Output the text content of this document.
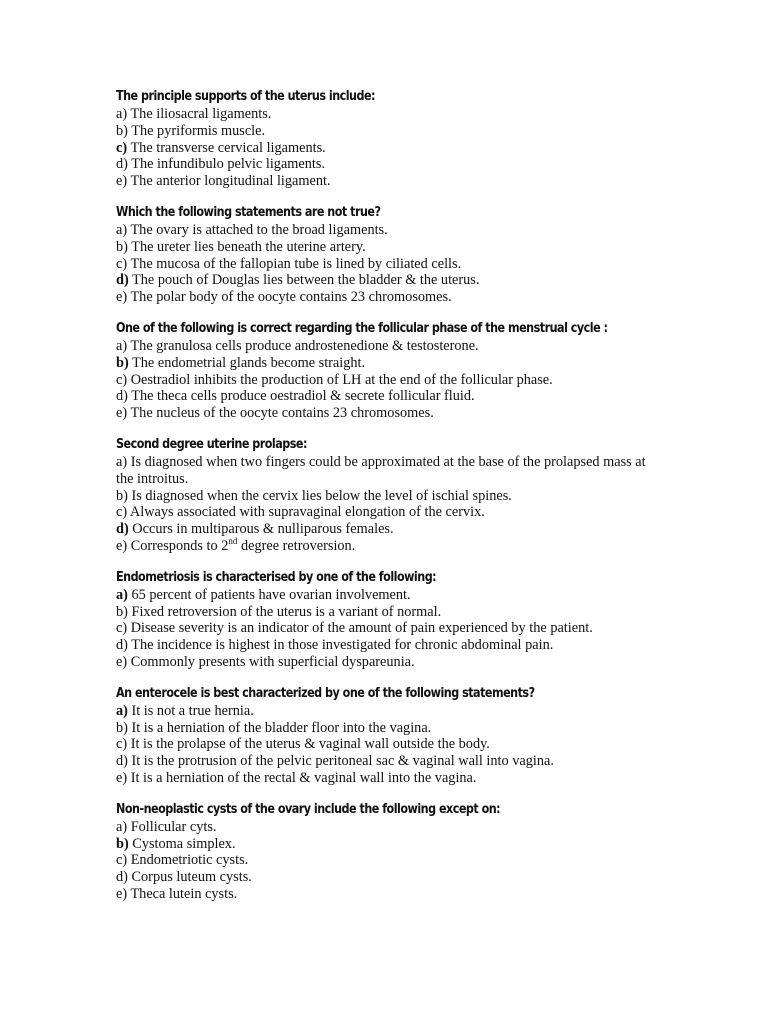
The principle supports of the uterus include:
a) The iliosacral ligaments.
b) The pyriformis muscle.
c) The transverse cervical ligaments.
d) The infundibulo pelvic ligaments.
e) The anterior longitudinal ligament.
Which the following statements are not true?
a) The ovary is attached to the broad ligaments.
b) The ureter lies beneath the uterine artery.
c) The mucosa of the fallopian tube is lined by ciliated cells.
d) The pouch of Douglas lies between the bladder & the uterus.
e) The polar body of the oocyte contains 23 chromosomes.
One of the following is correct regarding the follicular phase of the menstrual cycle :
a) The granulosa cells produce androstenedione & testosterone.
b) The endometrial glands become straight.
c) Oestradiol inhibits the production of LH at the end of the follicular phase.
d) The theca cells produce oestradiol & secrete follicular fluid.
e) The nucleus of the oocyte contains 23 chromosomes.
Second degree uterine prolapse:
a) Is diagnosed when two fingers could be approximated at the base of the prolapsed mass at the introitus.
b) Is diagnosed when the cervix lies below the level of ischial spines.
c) Always associated with supravaginal elongation of the cervix.
d) Occurs in multiparous & nulliparous females.
e) Corresponds to 2nd degree retroversion.
Endometriosis is characterised by one of the following:
a) 65 percent of patients have ovarian involvement.
b) Fixed retroversion of the uterus is a variant of normal.
c) Disease severity is an indicator of the amount of pain experienced by the patient.
d) The incidence is highest in those investigated for chronic abdominal pain.
e) Commonly presents with superficial dyspareunia.
An enterocele is best characterized by one of the following statements?
a) It is not a true hernia.
b) It is a herniation of the bladder floor into the vagina.
c) It is the prolapse of the uterus & vaginal wall outside the body.
d) It is the protrusion of the pelvic peritoneal sac & vaginal wall into vagina.
e) It is a herniation of the rectal & vaginal wall into the vagina.
Non-neoplastic cysts of the ovary include the following except on:
a) Follicular cyts.
b) Cystoma simplex.
c) Endometriotic cysts.
d) Corpus luteum cysts.
e) Theca lutein cysts.
